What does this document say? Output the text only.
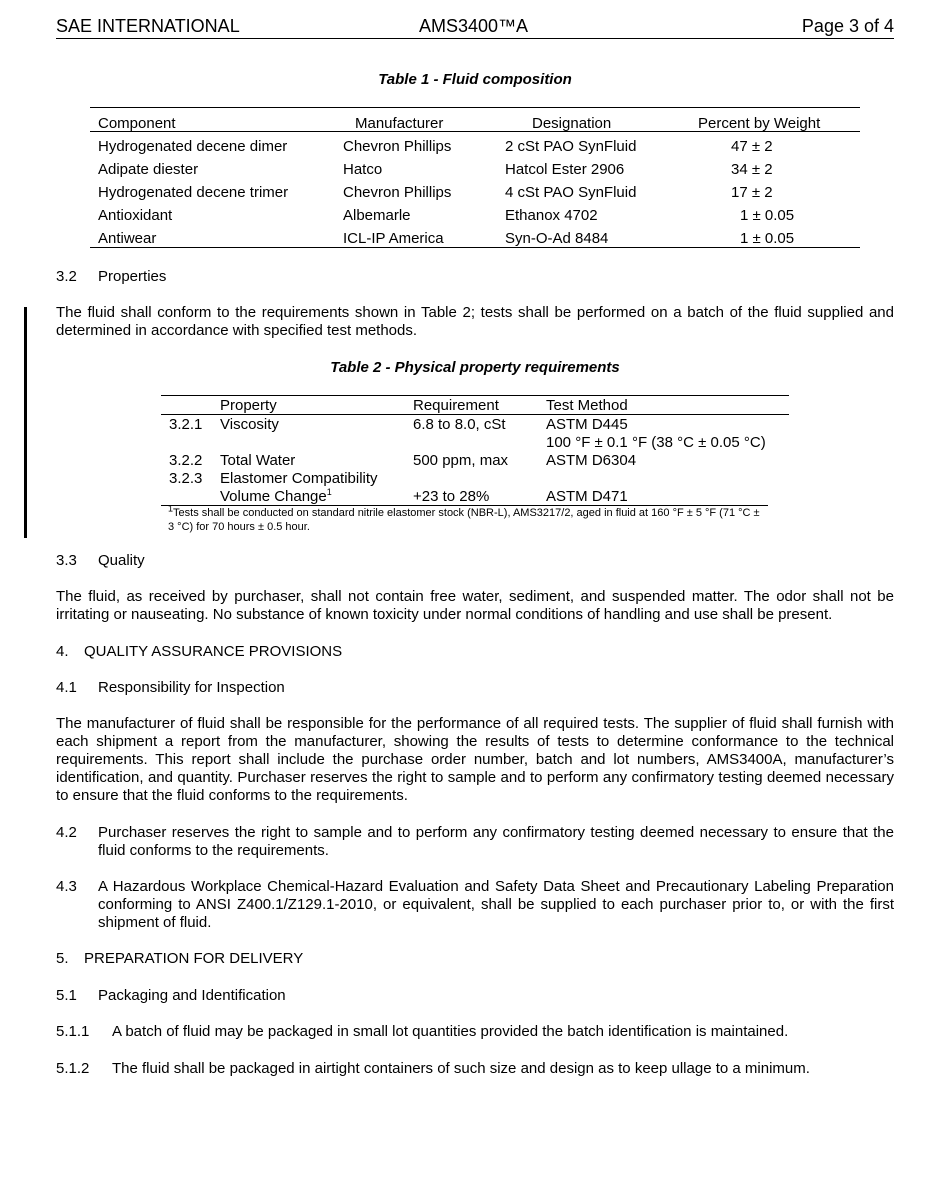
SAE INTERNATIONAL	AMS3400™A	Page 3 of 4
Table 1 - Fluid composition
Component	Manufacturer	Designation	Percent by Weight
Hydrogenated decene dimer	Chevron Phillips	2 cSt PAO SynFluid	47 ± 2
Adipate diester	Hatco	Hatcol Ester 2906	34 ± 2
Hydrogenated decene trimer	Chevron Phillips	4 cSt PAO SynFluid	17 ± 2
Antioxidant	Albemarle	Ethanox 4702	1 ± 0.05
Antiwear	ICL-IP America	Syn-O-Ad 8484	1 ± 0.05
3.2 Properties
The fluid shall conform to the requirements shown in Table 2; tests shall be performed on a batch of the fluid supplied and determined in accordance with specified test methods.
Table 2 - Physical property requirements
Property	Requirement	Test Method
3.2.1 Viscosity	6.8 to 8.0, cSt	ASTM D445
100 °F ± 0.1 °F (38 °C ± 0.05 °C)
3.2.2 Total Water	500 ppm, max	ASTM D6304
3.2.3 Elastomer Compatibility
Volume Change$^1$	+23 to 28%	ASTM D471
$^1$Tests shall be conducted on standard nitrile elastomer stock (NBR-L), AMS3217/2, aged in fluid at 160 °F ± 5 °F (71 °C ± 3 °C) for 70 hours ± 0.5 hour.
3.3 Quality
The fluid, as received by purchaser, shall not contain free water, sediment, and suspended matter. The odor shall not be irritating or nauseating. No substance of known toxicity under normal conditions of handling and use shall be present.
4. QUALITY ASSURANCE PROVISIONS
4.1 Responsibility for Inspection
The manufacturer of fluid shall be responsible for the performance of all required tests. The supplier of fluid shall furnish with each shipment a report from the manufacturer, showing the results of tests to determine conformance to the technical requirements. This report shall include the purchase order number, batch and lot numbers, AMS3400A, manufacturer’s identification, and quantity. Purchaser reserves the right to sample and to perform any confirmatory testing deemed necessary to ensure that the fluid conforms to the requirements.
4.2 Purchaser reserves the right to sample and to perform any confirmatory testing deemed necessary to ensure that the fluid conforms to the requirements.
4.3 A Hazardous Workplace Chemical-Hazard Evaluation and Safety Data Sheet and Precautionary Labeling Preparation conforming to ANSI Z400.1/Z129.1-2010, or equivalent, shall be supplied to each purchaser prior to, or with the first shipment of fluid.
5. PREPARATION FOR DELIVERY
5.1 Packaging and Identification
5.1.1 A batch of fluid may be packaged in small lot quantities provided the batch identification is maintained.
5.1.2 The fluid shall be packaged in airtight containers of such size and design as to keep ullage to a minimum.
